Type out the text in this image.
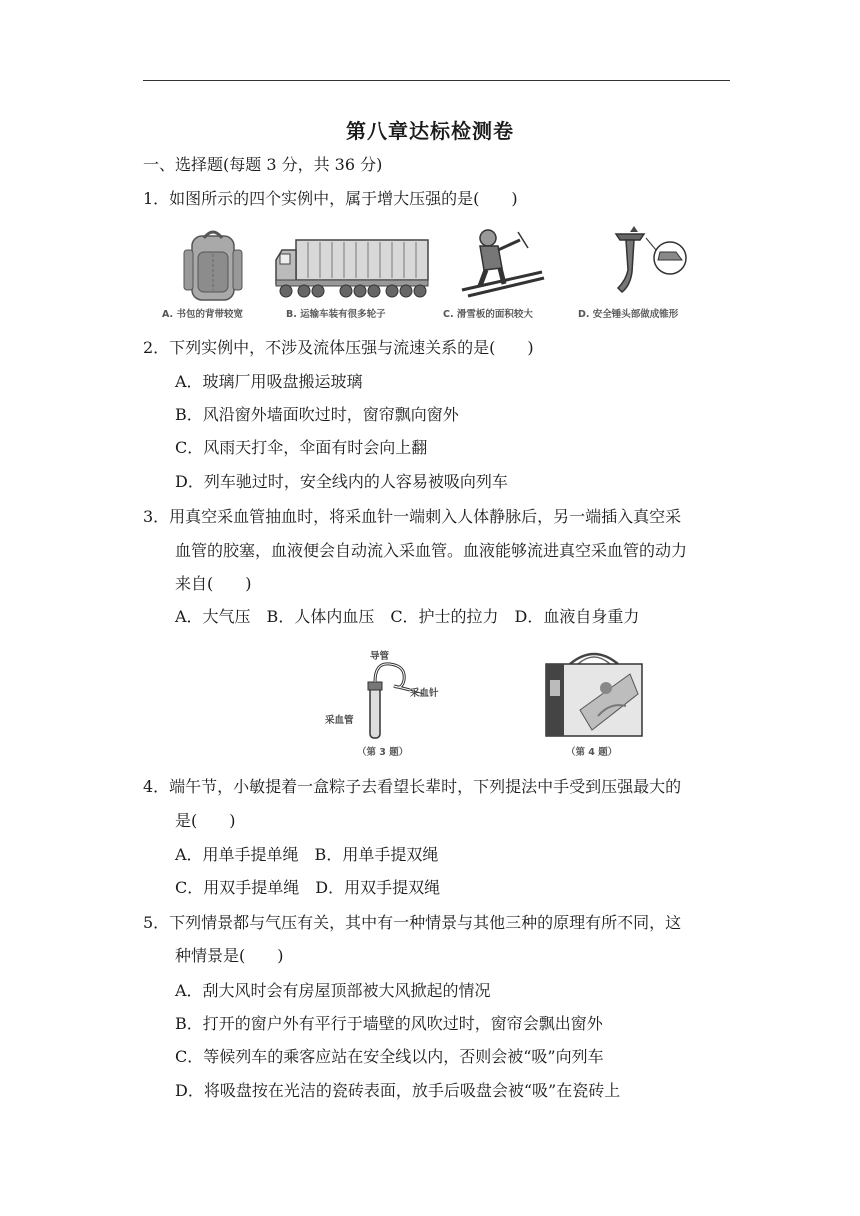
第八章达标检测卷
一、选择题(每题 3 分，共 36 分)
1．如图所示的四个实例中，属于增大压强的是(　　)
A. 书包的背带较宽	B. 运输车装有很多轮子	C. 滑雪板的面积较大	D. 安全锤头部做成锥形
2．下列实例中，不涉及流体压强与流速关系的是(　　)
A．玻璃厂用吸盘搬运玻璃
B．风沿窗外墙面吹过时，窗帘飘向窗外
C．风雨天打伞，伞面有时会向上翻
D．列车驰过时，安全线内的人容易被吸向列车
3．用真空采血管抽血时，将采血针一端刺入人体静脉后，另一端插入真空采
血管的胶塞，血液便会自动流入采血管。血液能够流进真空采血管的动力
来自(　　)
A．大气压　B．人体内血压　C．护士的拉力　D．血液自身重力
导管
采血针
采血管
（第 3 题）	（第 4 题）
4．端午节，小敏提着一盒粽子去看望长辈时，下列提法中手受到压强最大的
是(　　)
A．用单手提单绳　B．用单手提双绳
C．用双手提单绳　D．用双手提双绳
5．下列情景都与气压有关，其中有一种情景与其他三种的原理有所不同，这
种情景是(　　)
A．刮大风时会有房屋顶部被大风掀起的情况
B．打开的窗户外有平行于墙壁的风吹过时，窗帘会飘出窗外
C．等候列车的乘客应站在安全线以内，否则会被“吸”向列车
D．将吸盘按在光洁的瓷砖表面，放手后吸盘会被“吸”在瓷砖上
